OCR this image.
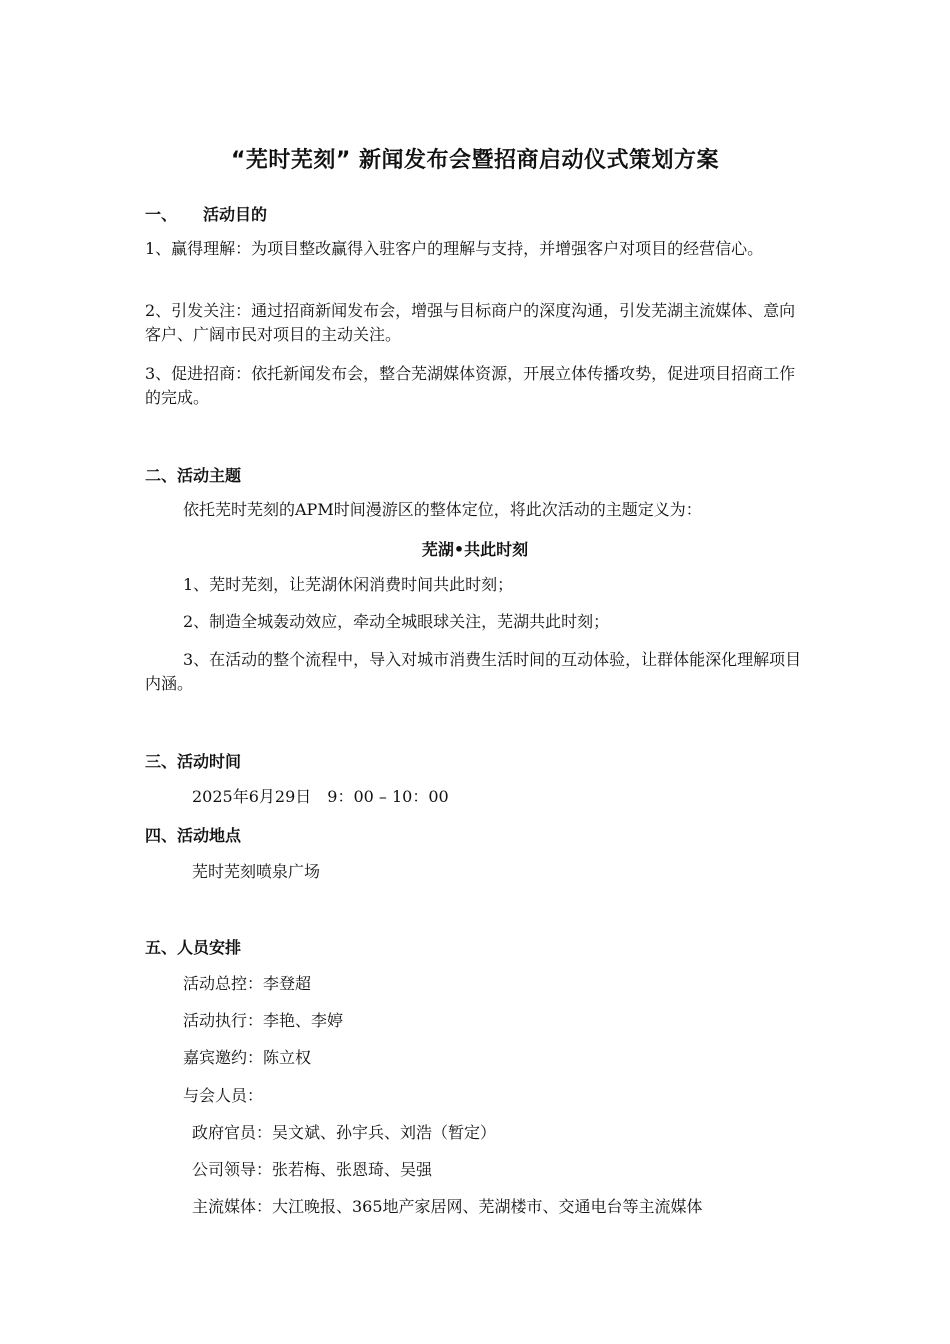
“芜时芜刻” 新闻发布会暨招商启动仪式策划方案
一、 活动目的
1、赢得理解：为项目整改赢得入驻客户的理解与支持，并增强客户对项目的经营信心。
2、引发关注：通过招商新闻发布会，增强与目标商户的深度沟通，引发芜湖主流媒体、意向客户、广阔市民对项目的主动关注。
3、促进招商：依托新闻发布会，整合芜湖媒体资源，开展立体传播攻势，促进项目招商工作的完成。
二、活动主题
依托芜时芜刻的APM时间漫游区的整体定位，将此次活动的主题定义为：
芜湖•共此时刻
1、芜时芜刻，让芜湖休闲消费时间共此时刻；
2、制造全城轰动效应，牵动全城眼球关注，芜湖共此时刻；
3、在活动的整个流程中，导入对城市消费生活时间的互动体验，让群体能深化理解项目内涵。
三、活动时间
2025年6月29日　9：00 – 10：00
四、活动地点
芜时芜刻喷泉广场
五、人员安排
活动总控：李登超
活动执行：李艳、李婷
嘉宾邀约：陈立权
与会人员：
政府官员：吴文斌、孙宇兵、刘浩（暂定）
公司领导：张若梅、张恩琦、吴强
主流媒体：大江晚报、365地产家居网、芜湖楼市、交通电台等主流媒体
